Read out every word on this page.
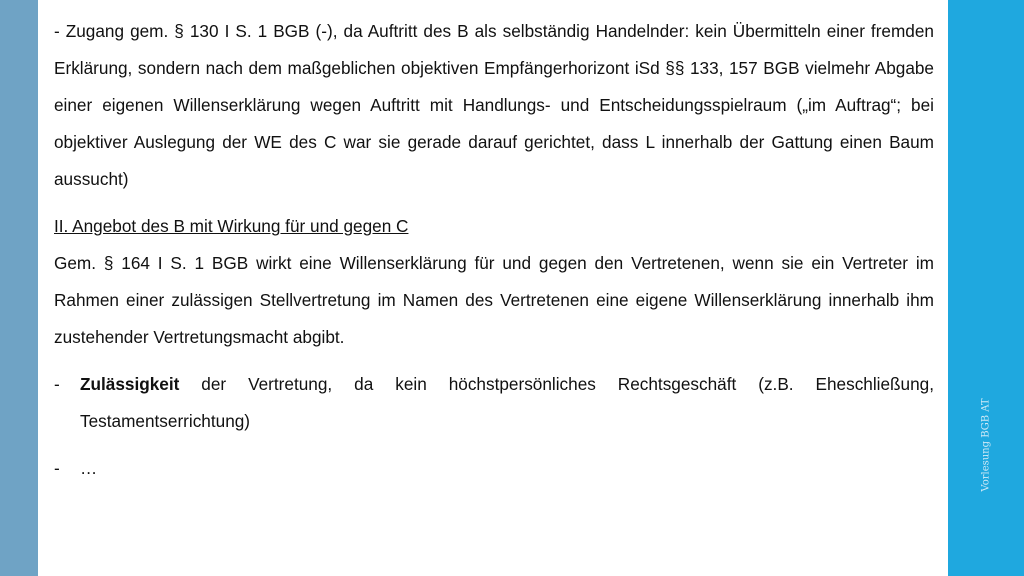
Vorlesung BGB AT

- Zugang gem. § 130 I S. 1 BGB (-), da Auftritt des B als selbständig Handelnder: kein Übermitteln einer fremden Erklärung, sondern nach dem maßgeblichen objektiven Empfängerhorizont iSd §§ 133, 157 BGB vielmehr Abgabe einer eigenen Willenserklärung wegen Auftritt mit Handlungs- und Entscheidungsspielraum („im Auftrag“; bei objektiver Auslegung der WE des C war sie gerade darauf gerichtet, dass L innerhalb der Gattung einen Baum aussucht)

II. Angebot des B mit Wirkung für und gegen C

Gem. § 164 I S. 1 BGB wirkt eine Willenserklärung für und gegen den Vertretenen, wenn sie ein Vertreter im Rahmen einer zulässigen Stellvertretung im Namen des Vertretenen eine eigene Willenserklärung innerhalb ihm zustehender Vertretungsmacht abgibt.

-	Zulässigkeit der Vertretung, da kein höchstpersönliches Rechtsgeschäft (z.B. Eheschließung, Testamentserrichtung)
-	…
